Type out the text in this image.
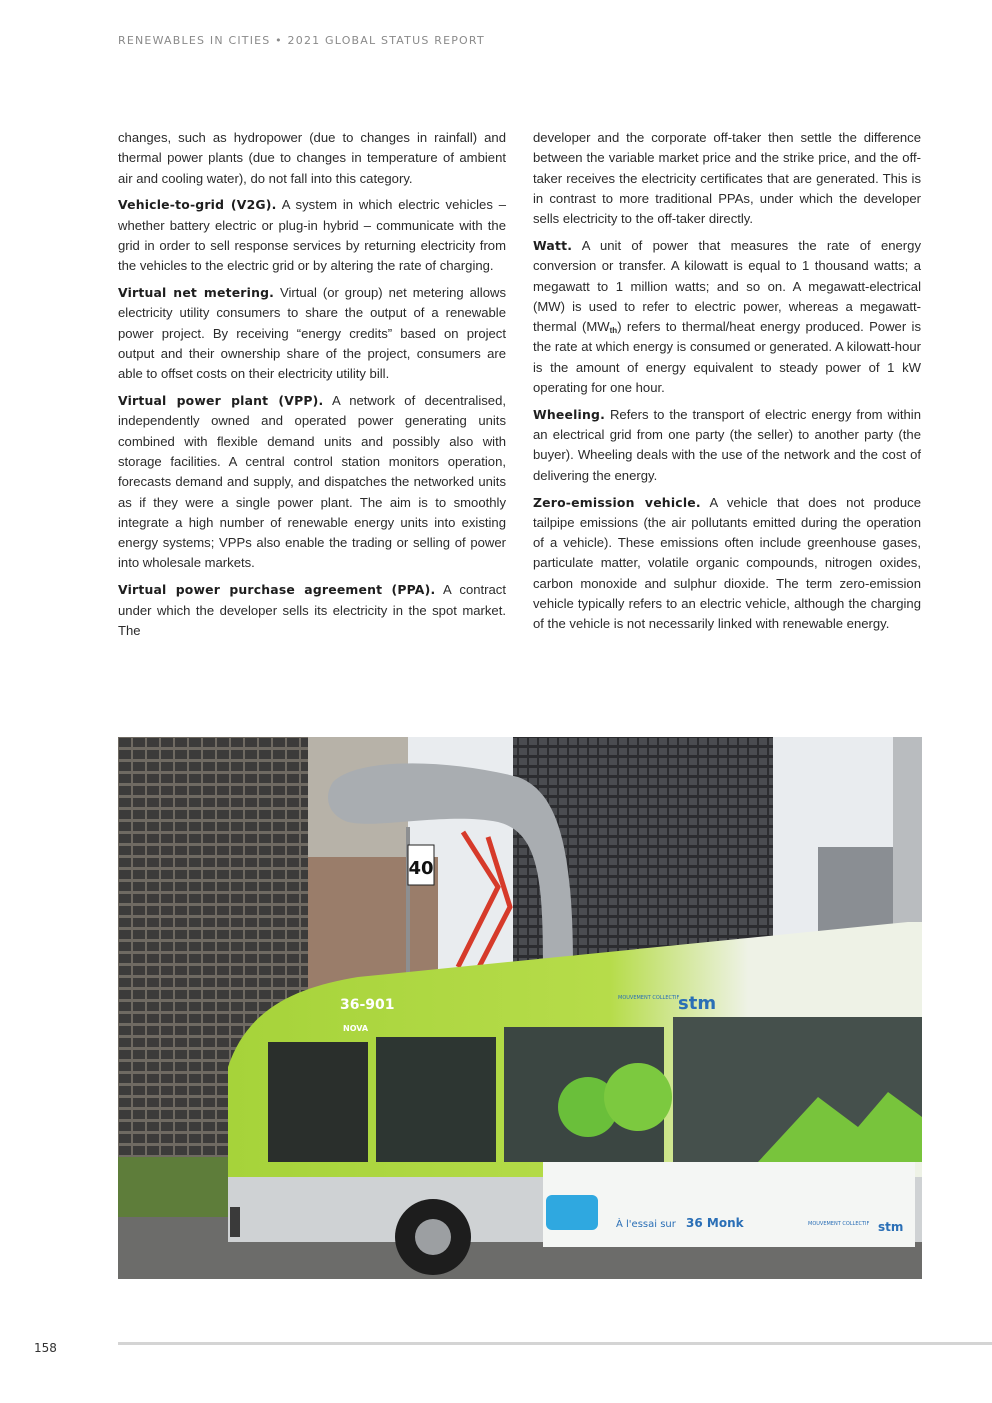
RENEWABLES IN CITIES • 2021 GLOBAL STATUS REPORT

changes, such as hydropower (due to changes in rainfall) and thermal power plants (due to changes in temperature of ambient air and cooling water), do not fall into this category.

Vehicle-to-grid (V2G). A system in which electric vehicles – whether battery electric or plug-in hybrid – communicate with the grid in order to sell response services by returning electricity from the vehicles to the electric grid or by altering the rate of charging.

Virtual net metering. Virtual (or group) net metering allows electricity utility consumers to share the output of a renewable power project. By receiving “energy credits” based on project output and their ownership share of the project, consumers are able to offset costs on their electricity utility bill.

Virtual power plant (VPP). A network of decentralised, independently owned and operated power generating units combined with flexible demand units and possibly also with storage facilities. A central control station monitors operation, forecasts demand and supply, and dispatches the networked units as if they were a single power plant. The aim is to smoothly integrate a high number of renewable energy units into existing energy systems; VPPs also enable the trading or selling of power into wholesale markets.

Virtual power purchase agreement (PPA). A contract under which the developer sells its electricity in the spot market. The

developer and the corporate off-taker then settle the difference between the variable market price and the strike price, and the off-taker receives the electricity certificates that are generated. This is in contrast to more traditional PPAs, under which the developer sells electricity to the off-taker directly.

Watt. A unit of power that measures the rate of energy conversion or transfer. A kilowatt is equal to 1 thousand watts; a megawatt to 1 million watts; and so on. A megawatt-electrical (MW) is used to refer to electric power, whereas a megawatt-thermal $(MW_{th})$ refers to thermal/heat energy produced. Power is the rate at which energy is consumed or generated. A kilowatt-hour is the amount of energy equivalent to steady power of 1 kW operating for one hour.

Wheeling. Refers to the transport of electric energy from within an electrical grid from one party (the seller) to another party (the buyer). Wheeling deals with the use of the network and the cost of delivering the energy.

Zero-emission vehicle. A vehicle that does not produce tailpipe emissions (the air pollutants emitted during the operation of a vehicle). These emissions often include greenhouse gases, particulate matter, volatile organic compounds, nitrogen oxides, carbon monoxide and sulphur dioxide. The term zero-emission vehicle typically refers to an electric vehicle, although the charging of the vehicle is not necessarily linked with renewable energy.

40
À l'essai sur 36 Monk	MOUVEMENT COLLECTIF stm
36-901
NOVA
MOUVEMENT COLLECTIF
stm
158
